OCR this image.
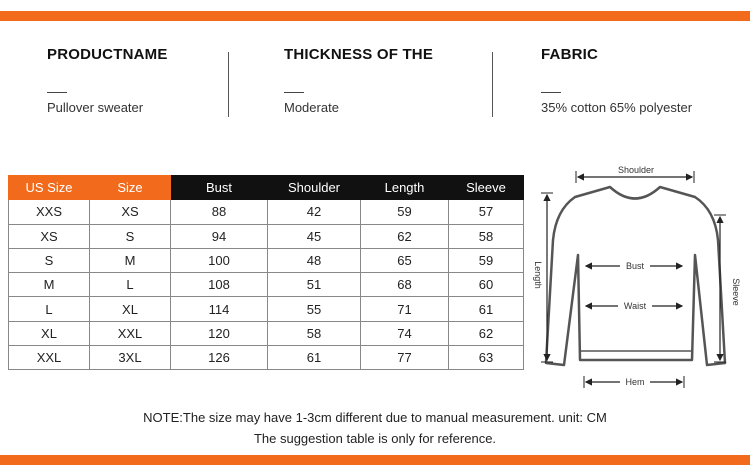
PRODUCTNAME
Pullover sweater
THICKNESS OF THE
Moderate
FABRIC
35% cotton 65% polyester
US Size	Size	Bust	Shoulder	Length	Sleeve
XXS	XS	88	42	59	57
XS	S	94	45	62	58
S	M	100	48	65	59
M	L	108	51	68	60
L	XL	114	55	71	61
XL	XXL	120	58	74	62
XXL	3XL	126	61	77	63
Shoulder
Length
Sleeve
Bust
Waist
Hem
NOTE:The size may have 1-3cm different due to manual measurement. unit: CM
The suggestion table is only for reference.
